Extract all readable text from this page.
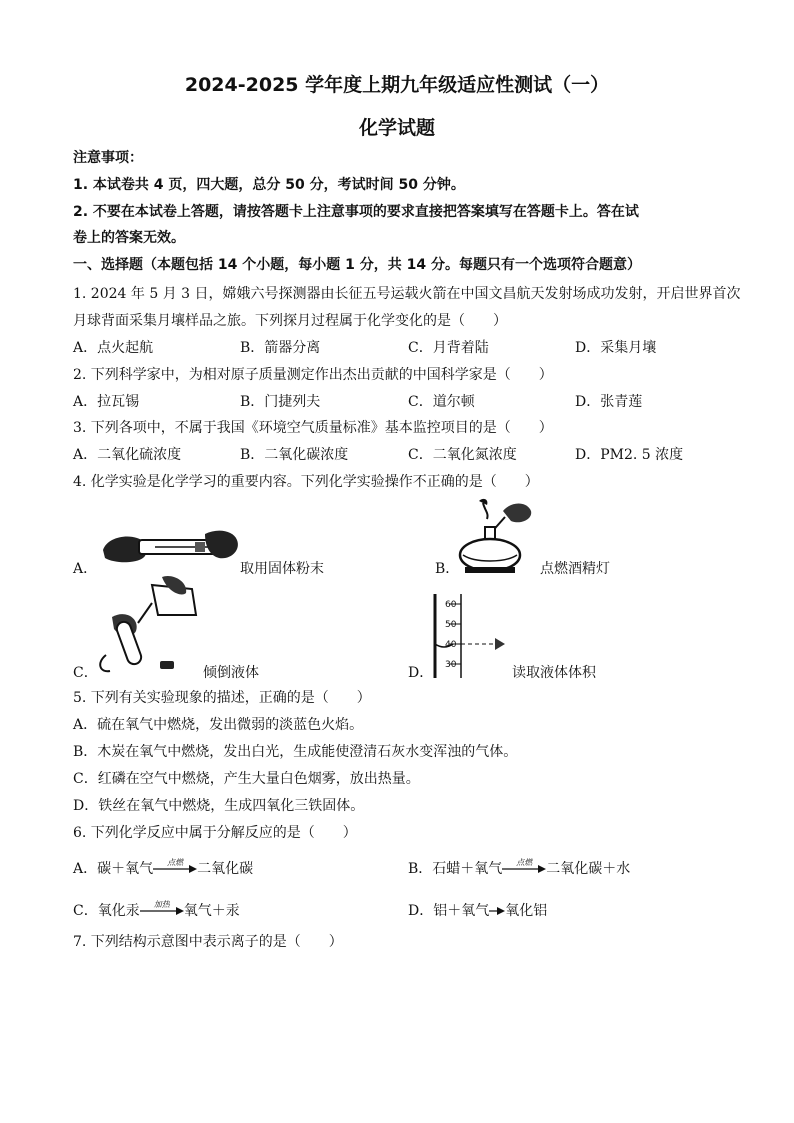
2024-2025 学年度上期九年级适应性测试（一）
化学试题
注意事项：
1. 本试卷共 4 页，四大题，总分 50 分，考试时间 50 分钟。
2. 不要在本试卷上答题，请按答题卡上注意事项的要求直接把答案填写在答题卡上。答在试
卷上的答案无效。
一、选择题（本题包括 14 个小题，每小题 1 分，共 14 分。每题只有一个选项符合题意）
1. 2024 年 5 月 3 日，嫦娥六号探测器由长征五号运载火箭在中国文昌航天发射场成功发射，开启世界首次
月球背面采集月壤样品之旅。下列探月过程属于化学变化的是（　　）
A．点火起航	B．箭器分离	C．月背着陆	D．采集月壤
2. 下列科学家中，为相对原子质量测定作出杰出贡献的中国科学家是（　　）
A．拉瓦锡	B．门捷列夫	C．道尔顿	D．张青莲
3. 下列各项中，不属于我国《环境空气质量标准》基本监控项目的是（　　）
A．二氧化硫浓度	B．二氧化碳浓度	C．二氧化氮浓度	D．PM2. 5 浓度
4. 化学实验是化学学习的重要内容。下列化学实验操作不正确的是（　　）
A．	取用固体粉末	B．	点燃酒精灯
C．	倾倒液体
60
50
40
30
D．	读取液体体积
5. 下列有关实验现象的描述，正确的是（　　）
A．硫在氧气中燃烧，发出微弱的淡蓝色火焰。
B．木炭在氧气中燃烧，发出白光，生成能使澄清石灰水变浑浊的气体。
C．红磷在空气中燃烧，产生大量白色烟雾，放出热量。
D．铁丝在氧气中燃烧，生成四氧化三铁固体。
6. 下列化学反应中属于分解反应的是（　　）
A．碳＋氧气	点燃	二氧化碳	B．石蜡＋氧气	点燃	二氧化碳＋水
C．氧化汞	加热	氧气＋汞	D．铝＋氧气→氧化铝
7. 下列结构示意图中表示离子的是（　　）
